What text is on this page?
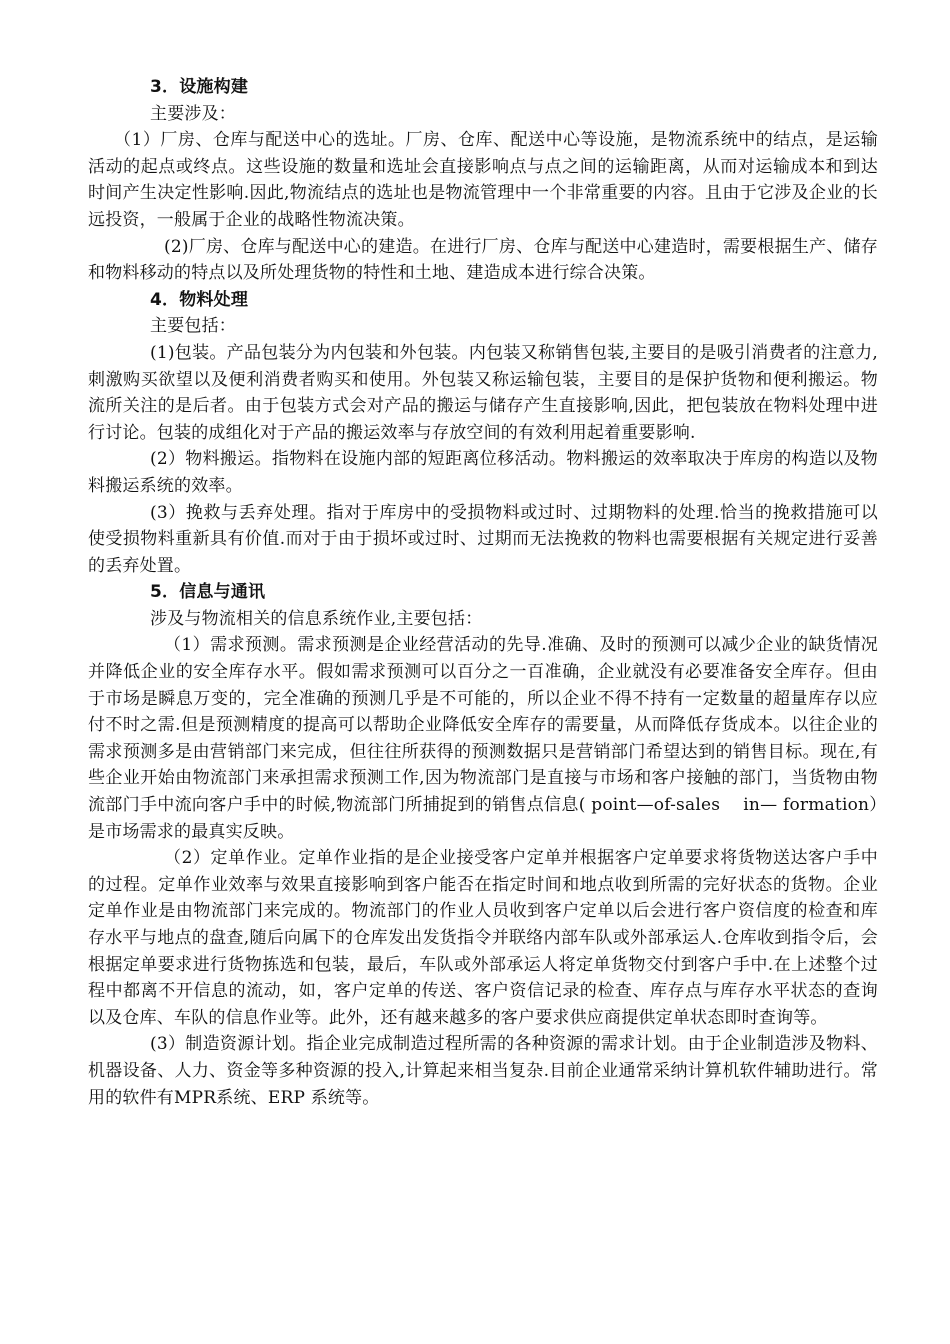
3．设施构建

主要涉及：

（1）厂房、仓库与配送中心的选址。厂房、仓库、配送中心等设施，是物流系统中的结点，是运输活动的起点或终点。这些设施的数量和选址会直接影响点与点之间的运输距离，从而对运输成本和到达时间产生决定性影响.因此,物流结点的选址也是物流管理中一个非常重要的内容。且由于它涉及企业的长远投资，一般属于企业的战略性物流决策。

(2)厂房、仓库与配送中心的建造。在进行厂房、仓库与配送中心建造时，需要根据生产、储存和物料移动的特点以及所处理货物的特性和土地、建造成本进行综合决策。

4．物料处理

主要包括：

(1)包装。产品包装分为内包装和外包装。内包装又称销售包装,主要目的是吸引消费者的注意力,刺激购买欲望以及便利消费者购买和使用。外包装又称运输包装，主要目的是保护货物和便利搬运。物流所关注的是后者。由于包装方式会对产品的搬运与储存产生直接影响,因此，把包装放在物料处理中进行讨论。包装的成组化对于产品的搬运效率与存放空间的有效利用起着重要影响.

(2）物料搬运。指物料在设施内部的短距离位移活动。物料搬运的效率取决于库房的构造以及物料搬运系统的效率。

(3）挽救与丢弃处理。指对于库房中的受损物料或过时、过期物料的处理.恰当的挽救措施可以使受损物料重新具有价值.而对于由于损坏或过时、过期而无法挽救的物料也需要根据有关规定进行妥善的丢弃处置。

5．信息与通讯

涉及与物流相关的信息系统作业,主要包括：

（1）需求预测。需求预测是企业经营活动的先导.准确、及时的预测可以减少企业的缺货情况并降低企业的安全库存水平。假如需求预测可以百分之一百准确，企业就没有必要准备安全库存。但由于市场是瞬息万变的，完全准确的预测几乎是不可能的，所以企业不得不持有一定数量的超量库存以应付不时之需.但是预测精度的提高可以帮助企业降低安全库存的需要量，从而降低存货成本。以往企业的需求预测多是由营销部门来完成，但往往所获得的预测数据只是营销部门希望达到的销售目标。现在,有些企业开始由物流部门来承担需求预测工作,因为物流部门是直接与市场和客户接触的部门，当货物由物流部门手中流向客户手中的时候,物流部门所捕捉到的销售点信息( point—of-sales　 in— formation）是市场需求的最真实反映。

（2）定单作业。定单作业指的是企业接受客户定单并根据客户定单要求将货物送达客户手中的过程。定单作业效率与效果直接影响到客户能否在指定时间和地点收到所需的完好状态的货物。企业定单作业是由物流部门来完成的。物流部门的作业人员收到客户定单以后会进行客户资信度的检查和库存水平与地点的盘查,随后向属下的仓库发出发货指令并联络内部车队或外部承运人.仓库收到指令后，会根据定单要求进行货物拣选和包装，最后，车队或外部承运人将定单货物交付到客户手中.在上述整个过程中都离不开信息的流动，如，客户定单的传送、客户资信记录的检查、库存点与库存水平状态的查询以及仓库、车队的信息作业等。此外，还有越来越多的客户要求供应商提供定单状态即时查询等。

(3）制造资源计划。指企业完成制造过程所需的各种资源的需求计划。由于企业制造涉及物料、机器设备、人力、资金等多种资源的投入,计算起来相当复杂.目前企业通常采纳计算机软件辅助进行。常用的软件有MPR系统、ERP 系统等。
